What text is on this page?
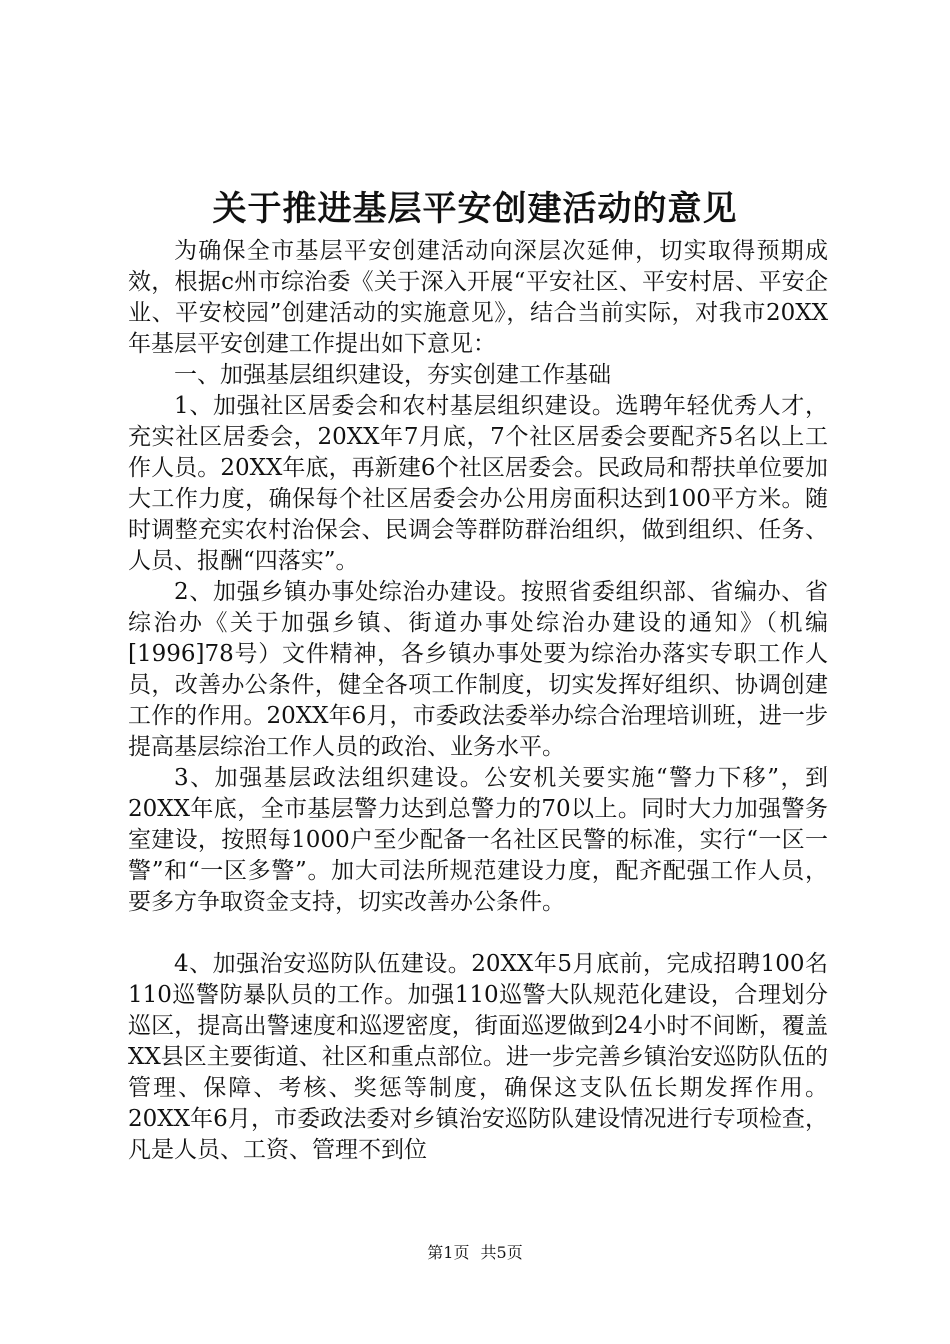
关于推进基层平安创建活动的意见

为确保全市基层平安创建活动向深层次延伸，切实取得预期成效，根据c州市综治委《关于深入开展“平安社区、平安村居、平安企业、平安校园”创建活动的实施意见》，结合当前实际，对我市20XX年基层平安创建工作提出如下意见：

一、加强基层组织建设，夯实创建工作基础

1、加强社区居委会和农村基层组织建设。选聘年轻优秀人才，充实社区居委会，20XX年7月底，7个社区居委会要配齐5名以上工作人员。20XX年底，再新建6个社区居委会。民政局和帮扶单位要加大工作力度，确保每个社区居委会办公用房面积达到100平方米。随时调整充实农村治保会、民调会等群防群治组织，做到组织、任务、人员、报酬“四落实”。

2、加强乡镇办事处综治办建设。按照省委组织部、省编办、省综治办《关于加强乡镇、街道办事处综治办建设的通知》（机编[1996]78号）文件精神，各乡镇办事处要为综治办落实专职工作人员，改善办公条件，健全各项工作制度，切实发挥好组织、协调创建工作的作用。20XX年6月，市委政法委举办综合治理培训班，进一步提高基层综治工作人员的政治、业务水平。

3、加强基层政法组织建设。公安机关要实施“警力下移”，到20XX年底，全市基层警力达到总警力的70以上。同时大力加强警务室建设，按照每1000户至少配备一名社区民警的标准，实行“一区一警”和“一区多警”。加大司法所规范建设力度，配齐配强工作人员，要多方争取资金支持，切实改善办公条件。

4、加强治安巡防队伍建设。20XX年5月底前，完成招聘100名110巡警防暴队员的工作。加强110巡警大队规范化建设，合理划分巡区，提高出警速度和巡逻密度，街面巡逻做到24小时不间断，覆盖XX县区主要街道、社区和重点部位。进一步完善乡镇治安巡防队伍的管理、保障、考核、奖惩等制度，确保这支队伍长期发挥作用。20XX年6月，市委政法委对乡镇治安巡防队建设情况进行专项检查，凡是人员、工资、管理不到位

第1页 共5页
